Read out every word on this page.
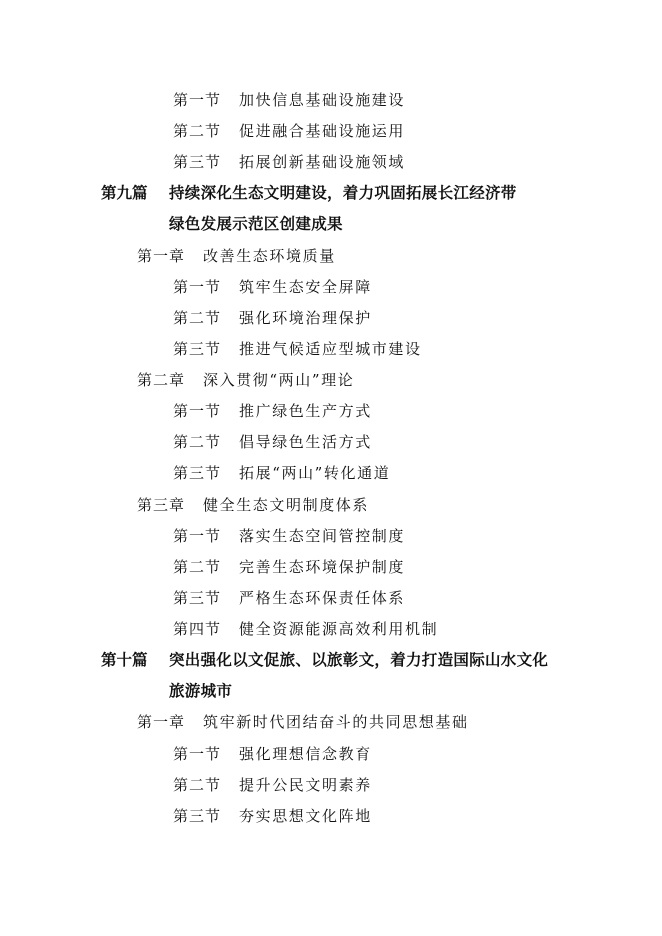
第一节 加快信息基础设施建设
第二节 促进融合基础设施运用
第三节 拓展创新基础设施领域
第九篇 持续深化生态文明建设，着力巩固拓展长江经济带
绿色发展示范区创建成果
第一章 改善生态环境质量
第一节 筑牢生态安全屏障
第二节 强化环境治理保护
第三节 推进气候适应型城市建设
第二章 深入贯彻“两山”理论
第一节 推广绿色生产方式
第二节 倡导绿色生活方式
第三节 拓展“两山”转化通道
第三章 健全生态文明制度体系
第一节 落实生态空间管控制度
第二节 完善生态环境保护制度
第三节 严格生态环保责任体系
第四节 健全资源能源高效利用机制
第十篇 突出强化以文促旅、以旅彰文，着力打造国际山水文化
旅游城市
第一章 筑牢新时代团结奋斗的共同思想基础
第一节 强化理想信念教育
第二节 提升公民文明素养
第三节 夯实思想文化阵地
